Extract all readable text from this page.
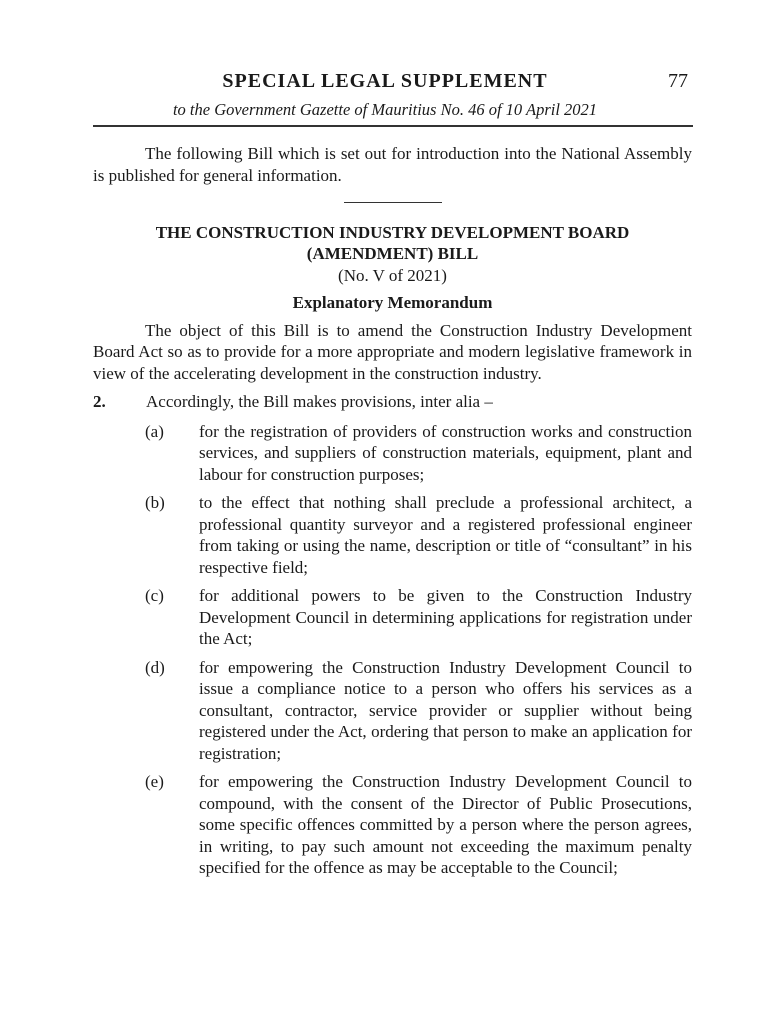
SPECIAL LEGAL SUPPLEMENT	77
to the Government Gazette of Mauritius No. 46 of 10 April 2021

The following Bill which is set out for introduction into the National Assembly is published for general information.

THE CONSTRUCTION INDUSTRY DEVELOPMENT BOARD

(AMENDMENT) BILL

(No. V of 2021)

Explanatory Memorandum

The object of this Bill is to amend the Construction Industry Development Board Act so as to provide for a more appropriate and modern legislative framework in view of the accelerating development in the construction industry.

2. Accordingly, the Bill makes provisions, inter alia –
(a) for the registration of providers of construction works and construction services, and suppliers of construction materials, equipment, plant and labour for construction purposes;
(b) to the effect that nothing shall preclude a professional architect, a professional quantity surveyor and a registered professional engineer from taking or using the name, description or title of “consultant” in his respective field;
(c) for additional powers to be given to the Construction Industry Development Council in determining applications for registration under the Act;
(d) for empowering the Construction Industry Development Council to issue a compliance notice to a person who offers his services as a consultant, contractor, service provider or supplier without being registered under the Act, ordering that person to make an application for registration;
(e) for empowering the Construction Industry Development Council to compound, with the consent of the Director of Public Prosecutions, some specific offences committed by a person where the person agrees, in writing, to pay such amount not exceeding the maximum penalty specified for the offence as may be acceptable to the Council;
